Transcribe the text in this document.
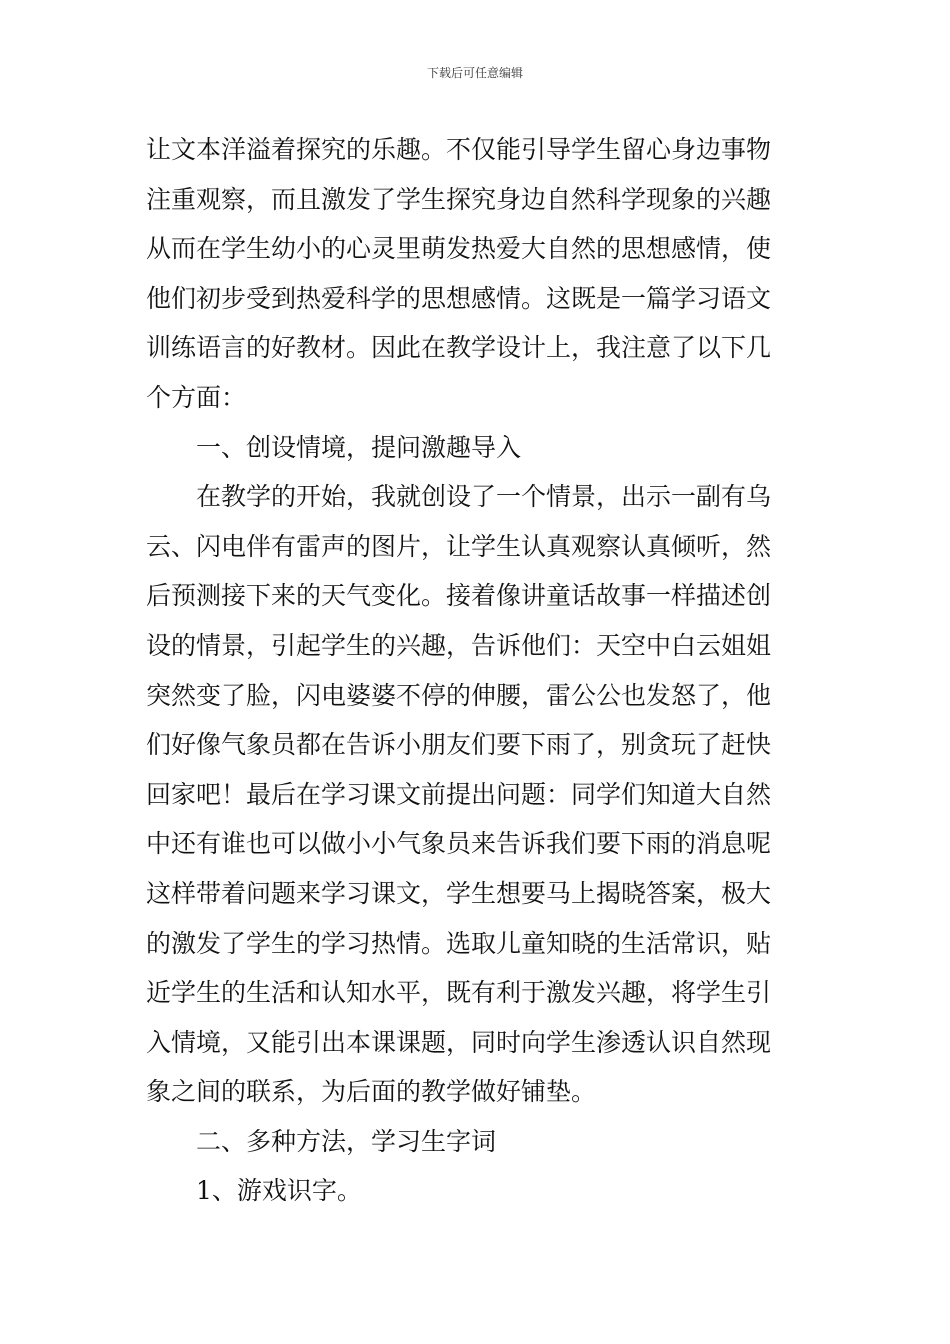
下载后可任意编辑
让文本洋溢着探究的乐趣。不仅能引导学生留心身边事物
注重观察，而且激发了学生探究身边自然科学现象的兴趣
从而在学生幼小的心灵里萌发热爱大自然的思想感情，使
他们初步受到热爱科学的思想感情。这既是一篇学习语文
训练语言的好教材。因此在教学设计上，我注意了以下几
个方面：
一、创设情境，提问激趣导入
在教学的开始，我就创设了一个情景，出示一副有乌
云、闪电伴有雷声的图片，让学生认真观察认真倾听，然
后预测接下来的天气变化。接着像讲童话故事一样描述创
设的情景，引起学生的兴趣，告诉他们：天空中白云姐姐
突然变了脸，闪电婆婆不停的伸腰，雷公公也发怒了，他
们好像气象员都在告诉小朋友们要下雨了，别贪玩了赶快
回家吧！最后在学习课文前提出问题：同学们知道大自然
中还有谁也可以做小小气象员来告诉我们要下雨的消息呢
这样带着问题来学习课文，学生想要马上揭晓答案，极大
的激发了学生的学习热情。选取儿童知晓的生活常识，贴
近学生的生活和认知水平，既有利于激发兴趣，将学生引
入情境，又能引出本课课题，同时向学生渗透认识自然现
象之间的联系，为后面的教学做好铺垫。
二、多种方法，学习生字词
1、游戏识字。
